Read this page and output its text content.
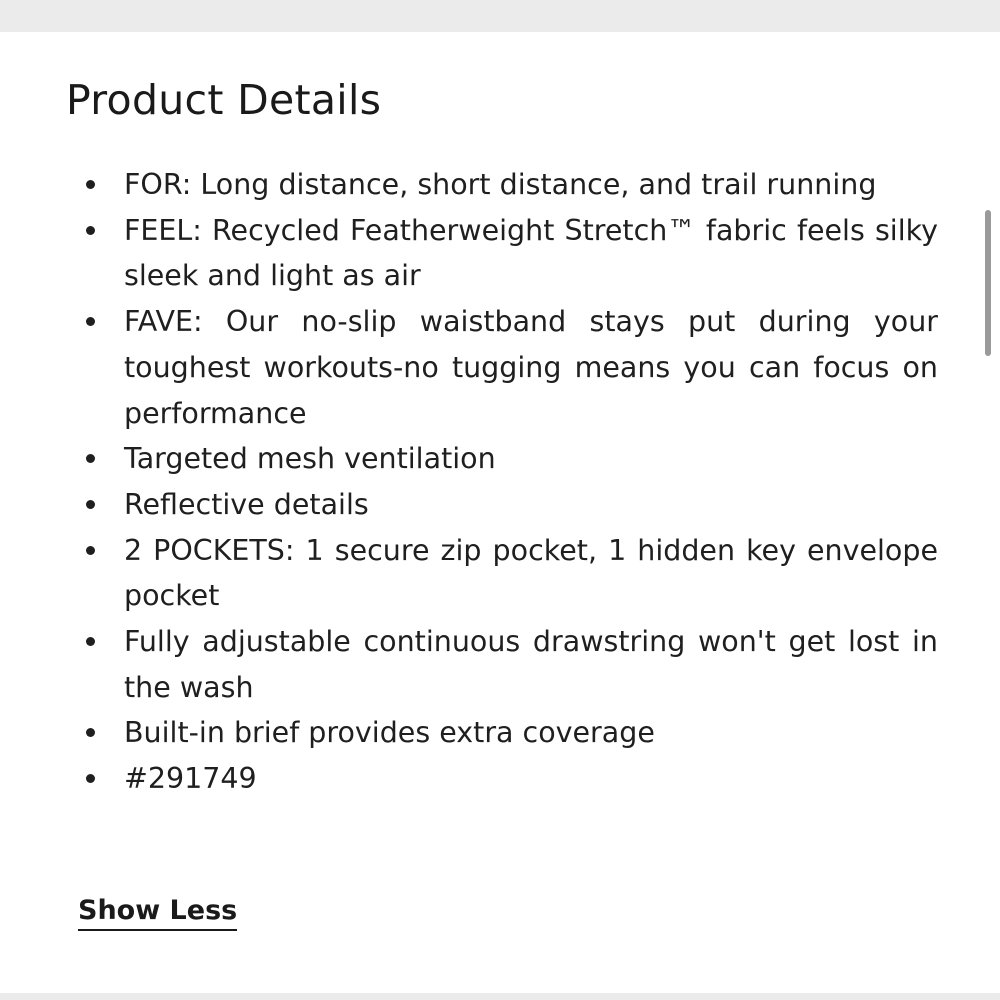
Product Details
FOR: Long distance, short distance, and trail running
FEEL: Recycled Featherweight Stretch™ fabric feels silky sleek and light as air
FAVE: Our no-slip waistband stays put during your toughest workouts-no tugging means you can focus on performance
Targeted mesh ventilation
Reflective details
2 POCKETS: 1 secure zip pocket, 1 hidden key envelope pocket
Fully adjustable continuous drawstring won't get lost in the wash
Built-in brief provides extra coverage
#291749
Show Less
